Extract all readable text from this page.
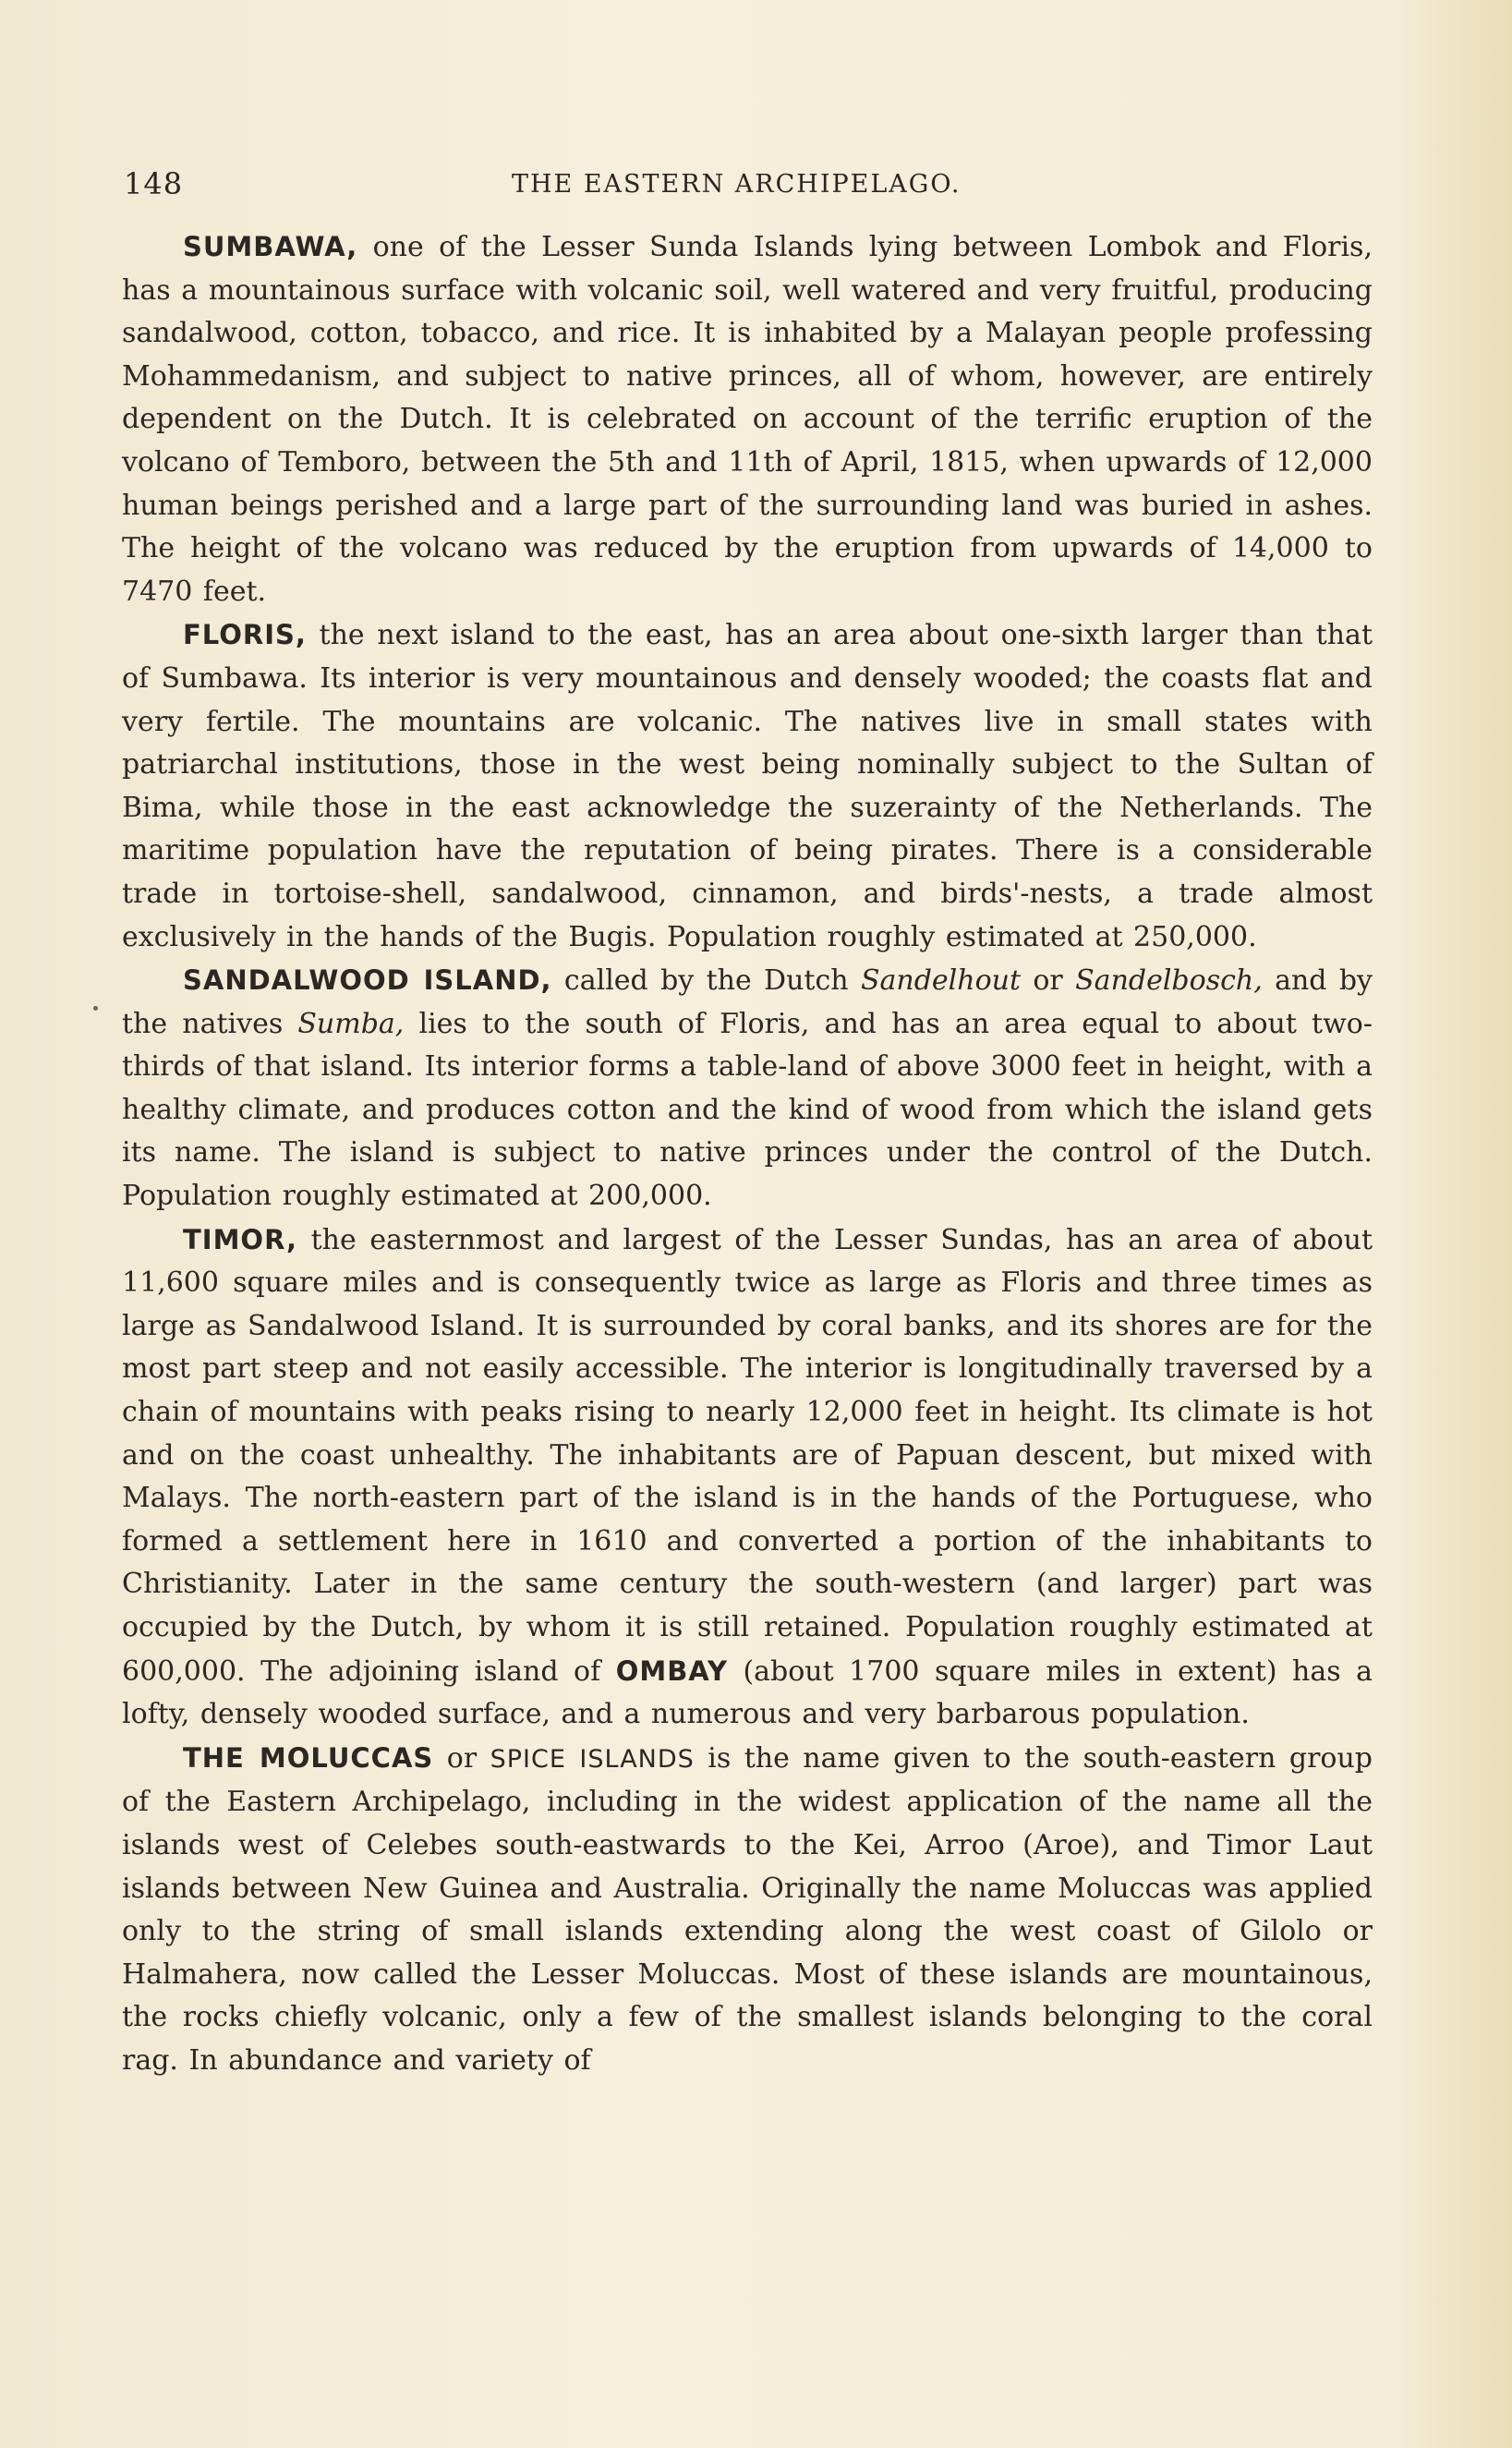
148	THE EASTERN ARCHIPELAGO.

SUMBAWA, one of the Lesser Sunda Islands lying between Lombok and Floris, has a mountainous surface with volcanic soil, well watered and very fruitful, producing sandalwood, cotton, tobacco, and rice. It is inhabited by a Malayan people professing Mohammedanism, and subject to native princes, all of whom, however, are entirely dependent on the Dutch. It is celebrated on account of the terrific eruption of the volcano of Temboro, between the 5th and 11th of April, 1815, when upwards of 12,000 human beings perished and a large part of the surrounding land was buried in ashes. The height of the volcano was reduced by the eruption from upwards of 14,000 to 7470 feet.

FLORIS, the next island to the east, has an area about one-sixth larger than that of Sumbawa. Its interior is very mountainous and densely wooded; the coasts flat and very fertile. The mountains are volcanic. The natives live in small states with patriarchal institutions, those in the west being nominally subject to the Sultan of Bima, while those in the east acknowledge the suzerainty of the Netherlands. The maritime population have the reputation of being pirates. There is a considerable trade in tortoise-shell, sandalwood, cinnamon, and birds'-nests, a trade almost exclusively in the hands of the Bugis. Population roughly estimated at 250,000.

SANDALWOOD ISLAND, called by the Dutch Sandelhout or Sandelbosch, and by the natives Sumba, lies to the south of Floris, and has an area equal to about two-thirds of that island. Its interior forms a table-land of above 3000 feet in height, with a healthy climate, and produces cotton and the kind of wood from which the island gets its name. The island is subject to native princes under the control of the Dutch. Population roughly estimated at 200,000.

TIMOR, the easternmost and largest of the Lesser Sundas, has an area of about 11,600 square miles and is consequently twice as large as Floris and three times as large as Sandalwood Island. It is surrounded by coral banks, and its shores are for the most part steep and not easily accessible. The interior is longitudinally traversed by a chain of mountains with peaks rising to nearly 12,000 feet in height. Its climate is hot and on the coast unhealthy. The inhabitants are of Papuan descent, but mixed with Malays. The north-eastern part of the island is in the hands of the Portuguese, who formed a settlement here in 1610 and converted a portion of the inhabitants to Christianity. Later in the same century the south-western (and larger) part was occupied by the Dutch, by whom it is still retained. Population roughly estimated at 600,000. The adjoining island of OMBAY (about 1700 square miles in extent) has a lofty, densely wooded surface, and a numerous and very barbarous population.

THE MOLUCCAS or SPICE ISLANDS is the name given to the south-eastern group of the Eastern Archipelago, including in the widest application of the name all the islands west of Celebes south-eastwards to the Kei, Arroo (Aroe), and Timor Laut islands between New Guinea and Australia. Originally the name Moluccas was applied only to the string of small islands extending along the west coast of Gilolo or Halmahera, now called the Lesser Moluccas. Most of these islands are mountainous, the rocks chiefly volcanic, only a few of the smallest islands belonging to the coral rag. In abundance and variety of
